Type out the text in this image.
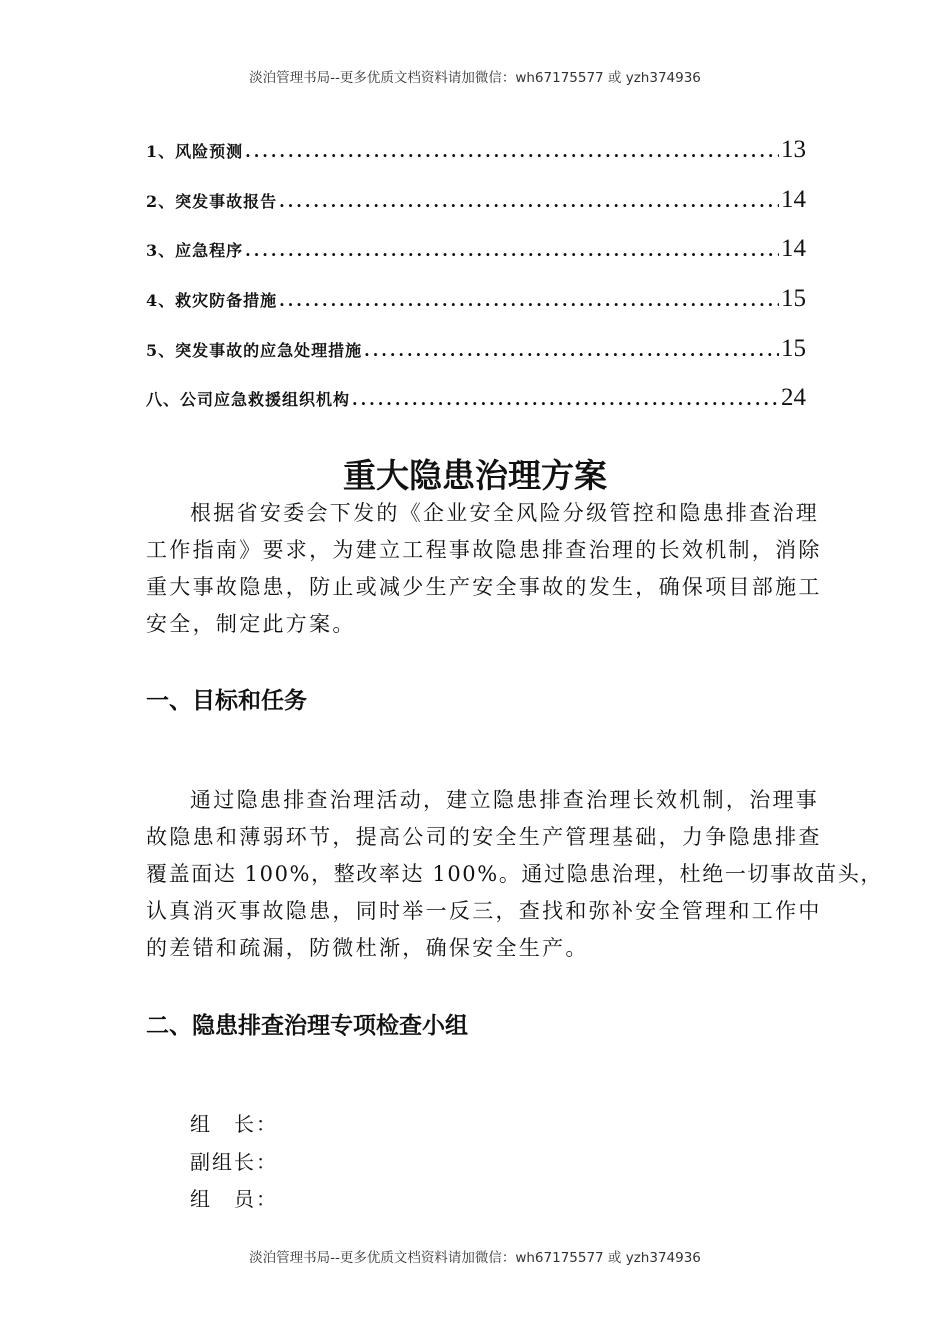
淡泊管理书局--更多优质文档资料请加微信：wh67175577 或 yzh374936
1、风险预测 .....	13
2、突发事故报告 .....	14
3、应急程序 .....	14
4、救灾防备措施 .....	15
5、突发事故的应急处理措施 .....	15
八、公司应急救援组织机构 .....	24
重大隐患治理方案
根据省安委会下发的《企业安全风险分级管控和隐患排查治理
工作指南》要求，为建立工程事故隐患排查治理的长效机制，消除
重大事故隐患，防止或减少生产安全事故的发生，确保项目部施工
安全，制定此方案。
一、目标和任务
通过隐患排查治理活动，建立隐患排查治理长效机制，治理事
故隐患和薄弱环节，提高公司的安全生产管理基础，力争隐患排查
覆盖面达 100%，整改率达 100%。通过隐患治理，杜绝一切事故苗头，
认真消灭事故隐患，同时举一反三，查找和弥补安全管理和工作中
的差错和疏漏，防微杜渐，确保安全生产。
二、隐患排查治理专项检查小组
组　长：
副组长：
组　员：
淡泊管理书局--更多优质文档资料请加微信：wh67175577 或 yzh374936
